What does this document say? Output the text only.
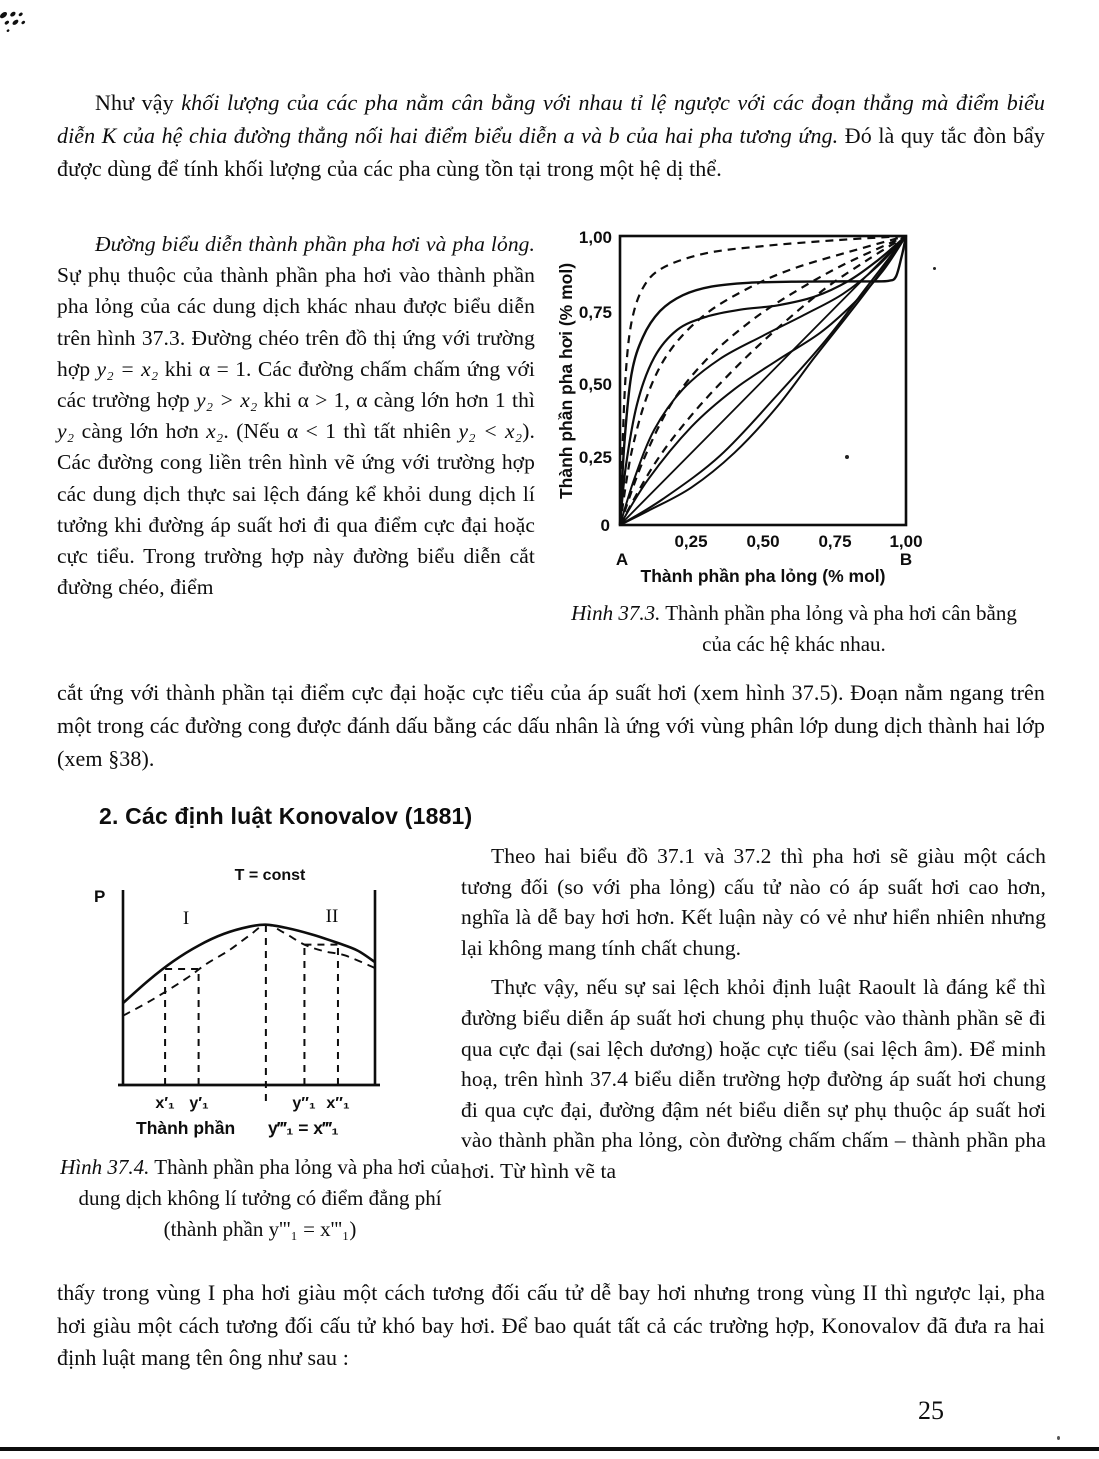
Như vậy khối lượng của các pha nằm cân bằng với nhau tỉ lệ ngược với các đoạn thẳng mà điểm biểu diễn K của hệ chia đường thẳng nối hai điểm biểu diễn a và b của hai pha tương ứng. Đó là quy tắc đòn bẩy được dùng để tính khối lượng của các pha cùng tồn tại trong một hệ dị thể.
Đường biểu diễn thành phần pha hơi và pha lỏng. Sự phụ thuộc của thành phần pha hơi vào thành phần pha lỏng của các dung dịch khác nhau được biểu diễn trên hình 37.3. Đường chéo trên đồ thị ứng với trường hợp y₂ = x₂ khi α = 1. Các đường chấm chấm ứng với các trường hợp y₂ > x₂ khi α > 1, α càng lớn hơn 1 thì y₂ càng lớn hơn x₂. (Nếu α < 1 thì tất nhiên y₂ < x₂). Các đường cong liền trên hình vẽ ứng với trường hợp các dung dịch thực sai lệch đáng kể khỏi dung dịch lí tưởng khi đường áp suất hơi đi qua điểm cực đại hoặc cực tiểu. Trong trường hợp này đường biểu diễn cắt đường chéo, điểm
1,00
0,75
0,50
0,25
0
0,25 0,50 0,75 1,00
A	B
Thành phần pha lỏng (% mol)
Thành phần pha hơi (% mol)
Hình 37.3. Thành phần pha lỏng và pha hơi cân bằng của các hệ khác nhau.
cắt ứng với thành phần tại điểm cực đại hoặc cực tiểu của áp suất hơi (xem hình 37.5). Đoạn nằm ngang trên một trong các đường cong được đánh dấu bằng các dấu nhân là ứng với vùng phân lớp dung dịch thành hai lớp (xem §38).
2. Các định luật Konovalov (1881)
P
T = const
I	II
x′₁ y′₁	y″₁ x″₁
Thành phần y‴₁ = x‴₁
Hình 37.4. Thành phần pha lỏng và pha hơi của dung dịch không lí tưởng có điểm đẳng phí (thành phần y'''₁ = x'''₁)
Theo hai biểu đồ 37.1 và 37.2 thì pha hơi sẽ giàu một cách tương đối (so với pha lỏng) cấu tử nào có áp suất hơi cao hơn, nghĩa là dễ bay hơi hơn. Kết luận này có vẻ như hiển nhiên nhưng lại không mang tính chất chung.
Thực vậy, nếu sự sai lệch khỏi định luật Raoult là đáng kể thì đường biểu diễn áp suất hơi chung phụ thuộc vào thành phần sẽ đi qua cực đại (sai lệch dương) hoặc cực tiểu (sai lệch âm). Để minh hoạ, trên hình 37.4 biểu diễn trường hợp đường áp suất hơi chung đi qua cực đại, đường đậm nét biểu diễn sự phụ thuộc áp suất hơi vào thành phần pha lỏng, còn đường chấm chấm – thành phần pha hơi. Từ hình vẽ ta
thấy trong vùng I pha hơi giàu một cách tương đối cấu tử dễ bay hơi nhưng trong vùng II thì ngược lại, pha hơi giàu một cách tương đối cấu tử khó bay hơi. Để bao quát tất cả các trường hợp, Konovalov đã đưa ra hai định luật mang tên ông như sau :
25
